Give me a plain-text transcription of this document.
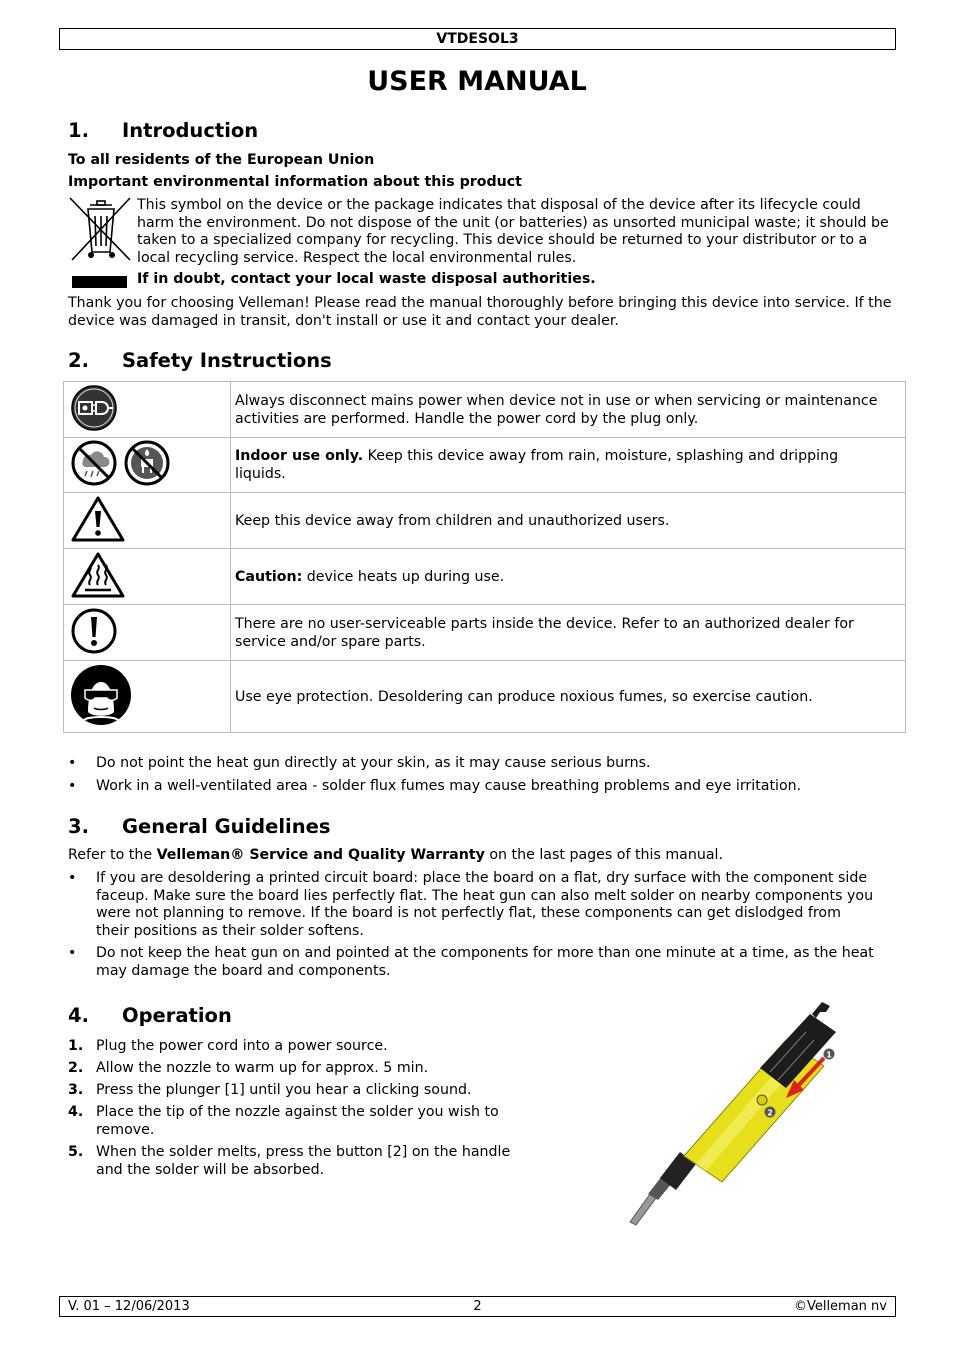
VTDESOL3
USER MANUAL
1. Introduction
To all residents of the European Union
Important environmental information about this product
This symbol on the device or the package indicates that disposal of the device after its lifecycle could harm the environment. Do not dispose of the unit (or batteries) as unsorted municipal waste; it should be taken to a specialized company for recycling. This device should be returned to your distributor or to a local recycling service. Respect the local environmental rules.
If in doubt, contact your local waste disposal authorities.
Thank you for choosing Velleman! Please read the manual thoroughly before bringing this device into service. If the device was damaged in transit, don't install or use it and contact your dealer.
2. Safety Instructions
	Always disconnect mains power when device not in use or when servicing or maintenance activities are performed. Handle the power cord by the plug only.
	Indoor use only. Keep this device away from rain, moisture, splashing and dripping liquids.
	Keep this device away from children and unauthorized users.
	Caution: device heats up during use.
	There are no user-serviceable parts inside the device. Refer to an authorized dealer for service and/or spare parts.
	Use eye protection. Desoldering can produce noxious fumes, so exercise caution.
• Do not point the heat gun directly at your skin, as it may cause serious burns.
• Work in a well-ventilated area - solder flux fumes may cause breathing problems and eye irritation.
3. General Guidelines
Refer to the Velleman® Service and Quality Warranty on the last pages of this manual.
• If you are desoldering a printed circuit board: place the board on a flat, dry surface with the component side faceup. Make sure the board lies perfectly flat. The heat gun can also melt solder on nearby components you were not planning to remove. If the board is not perfectly flat, these components can get dislodged from their positions as their solder softens.
• Do not keep the heat gun on and pointed at the components for more than one minute at a time, as the heat may damage the board and components.
4. Operation
1. Plug the power cord into a power source.
2. Allow the nozzle to warm up for approx. 5 min.
3. Press the plunger [1] until you hear a clicking sound.
4. Place the tip of the nozzle against the solder you wish to remove.
5. When the solder melts, press the button [2] on the handle and the solder will be absorbed.
1
2
V. 01 – 12/06/2013	2	©Velleman nv
